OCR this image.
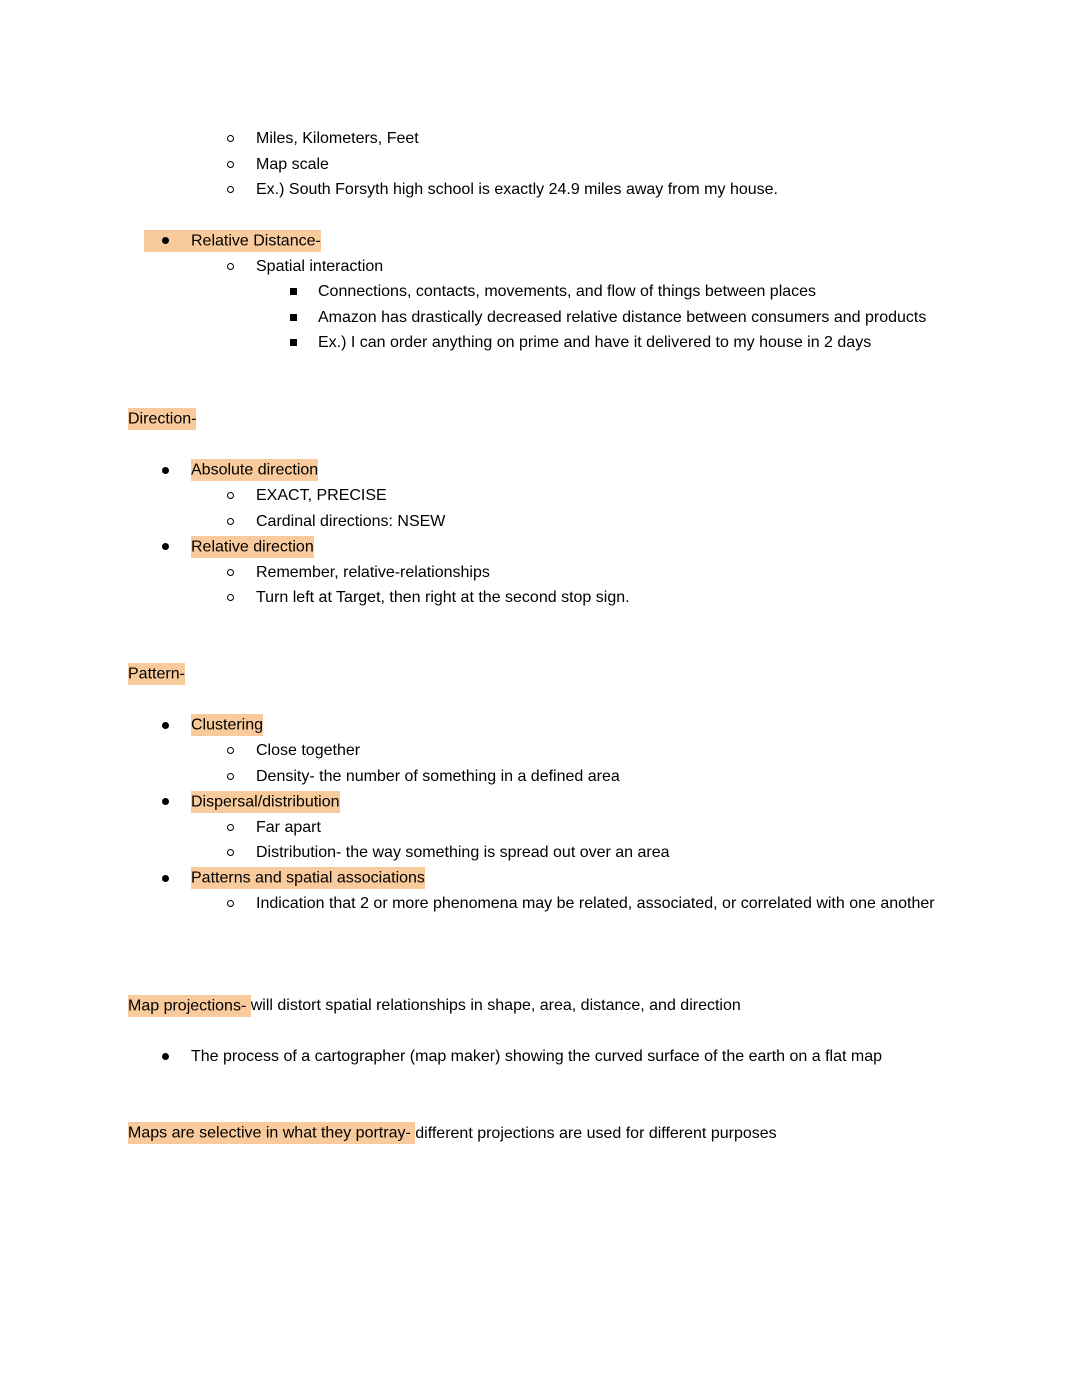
Miles, Kilometers, Feet
Map scale
Ex.) South Forsyth high school is exactly 24.9 miles away from my house.
Relative Distance-
Spatial interaction
Connections, contacts, movements, and flow of things between places
Amazon has drastically decreased relative distance between consumers and products
Ex.) I can order anything on prime and have it delivered to my house in 2 days
Direction-
Absolute direction
EXACT, PRECISE
Cardinal directions: NSEW
Relative direction
Remember, relative-relationships
Turn left at Target, then right at the second stop sign.
Pattern-
Clustering
Close together
Density- the number of something in a defined area
Dispersal/distribution
Far apart
Distribution- the way something is spread out over an area
Patterns and spatial associations
Indication that 2 or more phenomena may be related, associated, or correlated with one another
Map projections- will distort spatial relationships in shape, area, distance, and direction
The process of a cartographer (map maker) showing the curved surface of the earth on a flat map
Maps are selective in what they portray- different projections are used for different purposes
